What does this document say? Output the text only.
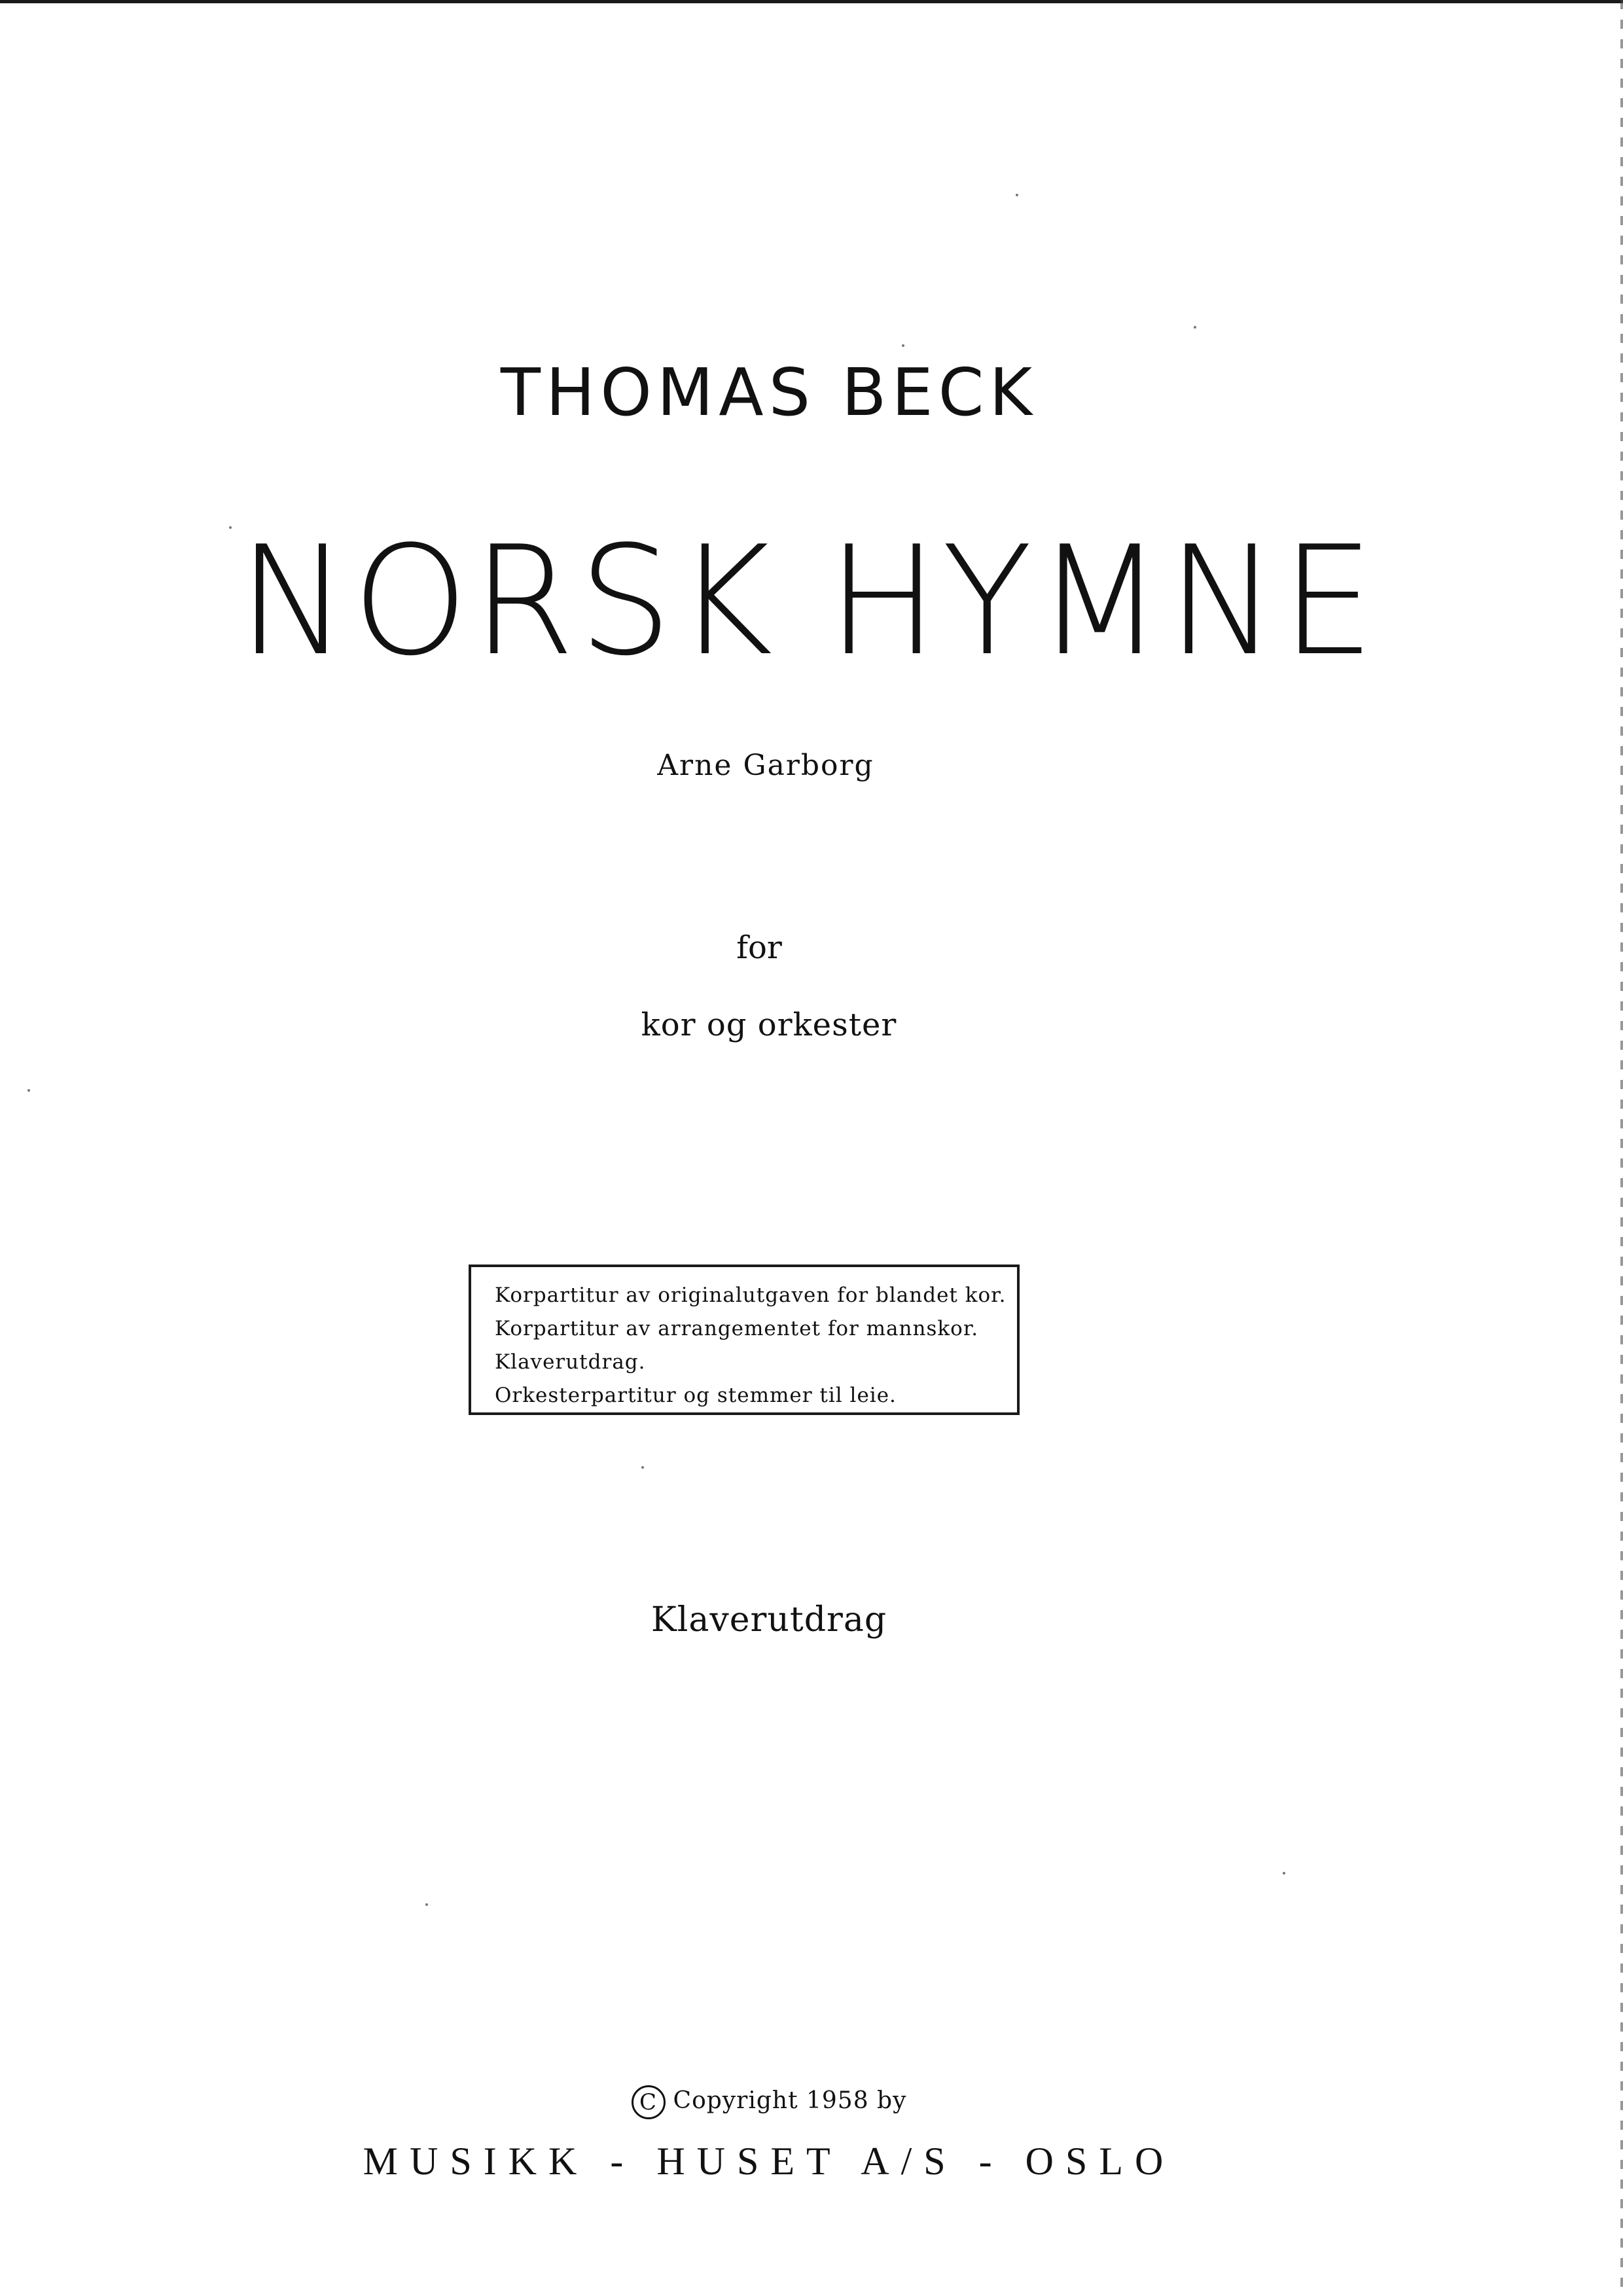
THOMAS BECK
NORSK HYMNE
Arne Garborg
for
kor og orkester
Korpartitur av originalutgaven for blandet kor.
Korpartitur av arrangementet for mannskor.
Klaverutdrag.
Orkesterpartitur og stemmer til leie.
Klaverutdrag
C Copyright 1958 by
MUSIKK - HUSET A/S - OSLO
